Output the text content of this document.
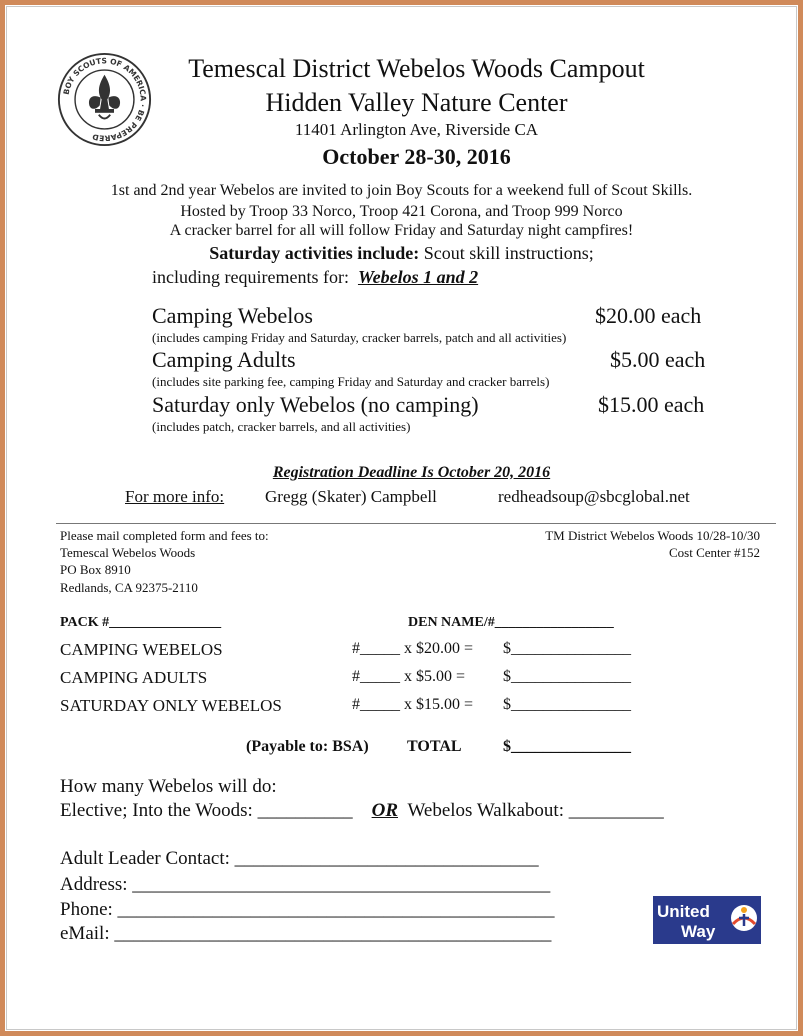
BOY SCOUTS OF AMERICA · BE PREPARED
Temescal District Webelos Woods Campout
Hidden Valley Nature Center
11401 Arlington Ave, Riverside CA
October 28-30, 2016
1st and 2nd year Webelos are invited to join Boy Scouts for a weekend full of Scout Skills.
Hosted by Troop 33 Norco, Troop 421 Corona, and Troop 999 Norco
A cracker barrel for all will follow Friday and Saturday night campfires!
Saturday activities include: Scout skill instructions;
including requirements for: Webelos 1 and 2
Camping Webelos	$20.00 each
(includes camping Friday and Saturday, cracker barrels, patch and all activities)
Camping Adults	$5.00 each
(includes site parking fee, camping Friday and Saturday and cracker barrels)
Saturday only Webelos (no camping)	$15.00 each
(includes patch, cracker barrels, and all activities)
Registration Deadline Is October 20, 2016
For more info: Gregg (Skater) Campbell	redheadsoup@sbcglobal.net
Please mail completed form and fees to:
Temescal Webelos Woods
PO Box 8910
Redlands, CA 92375-2110
TM District Webelos Woods 10/28-10/30
Cost Center #152
PACK #________________	DEN NAME/#_________________
CAMPING WEBELOS	#_____ x $20.00 = $_______________
CAMPING ADULTS	#_____ x $5.00 = $_______________
SATURDAY ONLY WEBELOS	#_____ x $15.00 = $_______________
(Payable to: BSA) TOTAL	$_______________
How many Webelos will do:
Elective; Into the Woods: __________ OR Webelos Walkabout: __________
Adult Leader Contact: ________________________________
Address: ____________________________________________
Phone: ______________________________________________
eMail: ______________________________________________
United
Way
